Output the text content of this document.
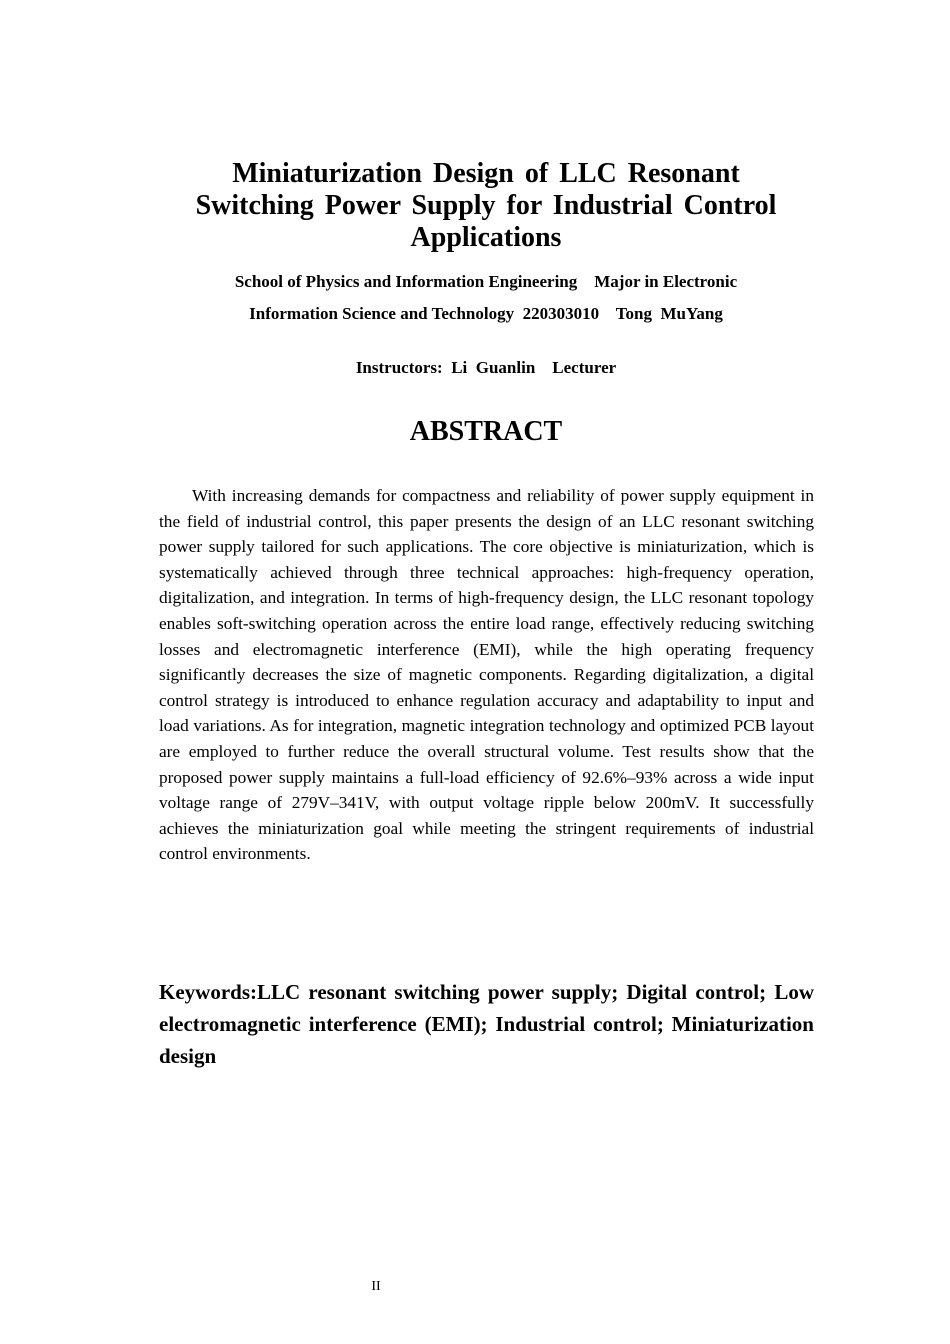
Miniaturization Design of LLC Resonant Switching Power Supply for Industrial Control Applications
School of Physics and Information Engineering    Major in Electronic
Information Science and Technology  220303010    Tong  MuYang
Instructors:  Li  Guanlin    Lecturer
ABSTRACT

With increasing demands for compactness and reliability of power supply equipment in the field of industrial control, this paper presents the design of an LLC resonant switching power supply tailored for such applications. The core objective is miniaturization, which is systematically achieved through three technical approaches: high-frequency operation, digitalization, and integration. In terms of high-frequency design, the LLC resonant topology enables soft-switching operation across the entire load range, effectively reducing switching losses and electromagnetic interference (EMI), while the high operating frequency significantly decreases the size of magnetic components. Regarding digitalization, a digital control strategy is introduced to enhance regulation accuracy and adaptability to input and load variations. As for integration, magnetic integration technology and optimized PCB layout are employed to further reduce the overall structural volume. Test results show that the proposed power supply maintains a full-load efficiency of 92.6%–93% across a wide input voltage range of 279V–341V, with output voltage ripple below 200mV. It successfully achieves the miniaturization goal while meeting the stringent requirements of industrial control environments.

Keywords:LLC resonant switching power supply; Digital control; Low electromagnetic interference (EMI); Industrial control; Miniaturization design

II
